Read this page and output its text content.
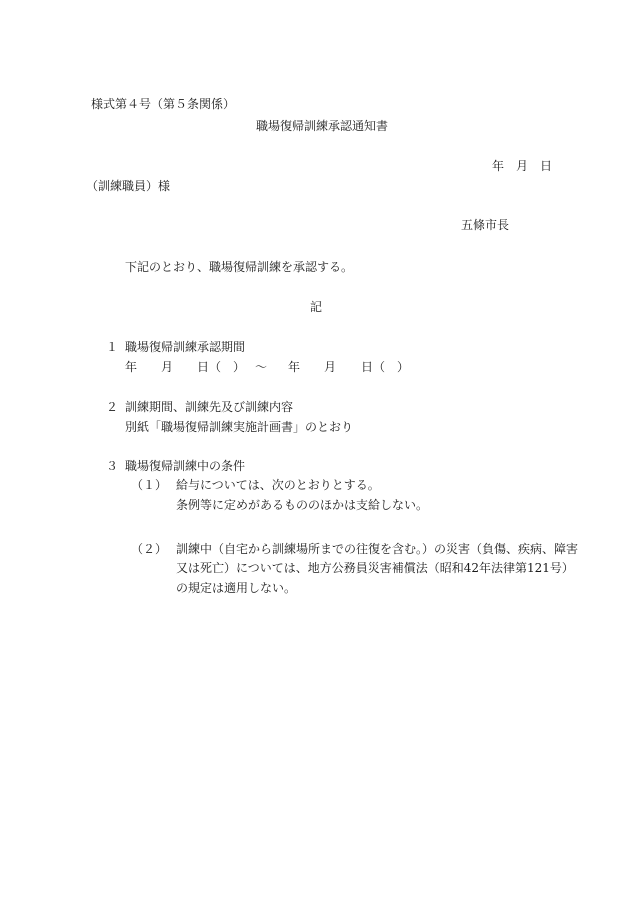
様式第４号（第５条関係）
職場復帰訓練承認通知書
年　月　日
（訓練職員）様
五條市長
下記のとおり、職場復帰訓練を承認する。
記
１ 職場復帰訓練承認期間
年 月 日（　） ～ 年 月 日（　）
２ 訓練期間、訓練先及び訓練内容
別紙「職場復帰訓練実施計画書」のとおり
３ 職場復帰訓練中の条件
（１） 給与については、次のとおりとする。
条例等に定めがあるもののほかは支給しない。
（２） 訓練中（自宅から訓練場所までの往復を含む。）の災害（負傷、疾病、障害
又は死亡）については、地方公務員災害補償法（昭和42年法律第121号）
の規定は適用しない。
